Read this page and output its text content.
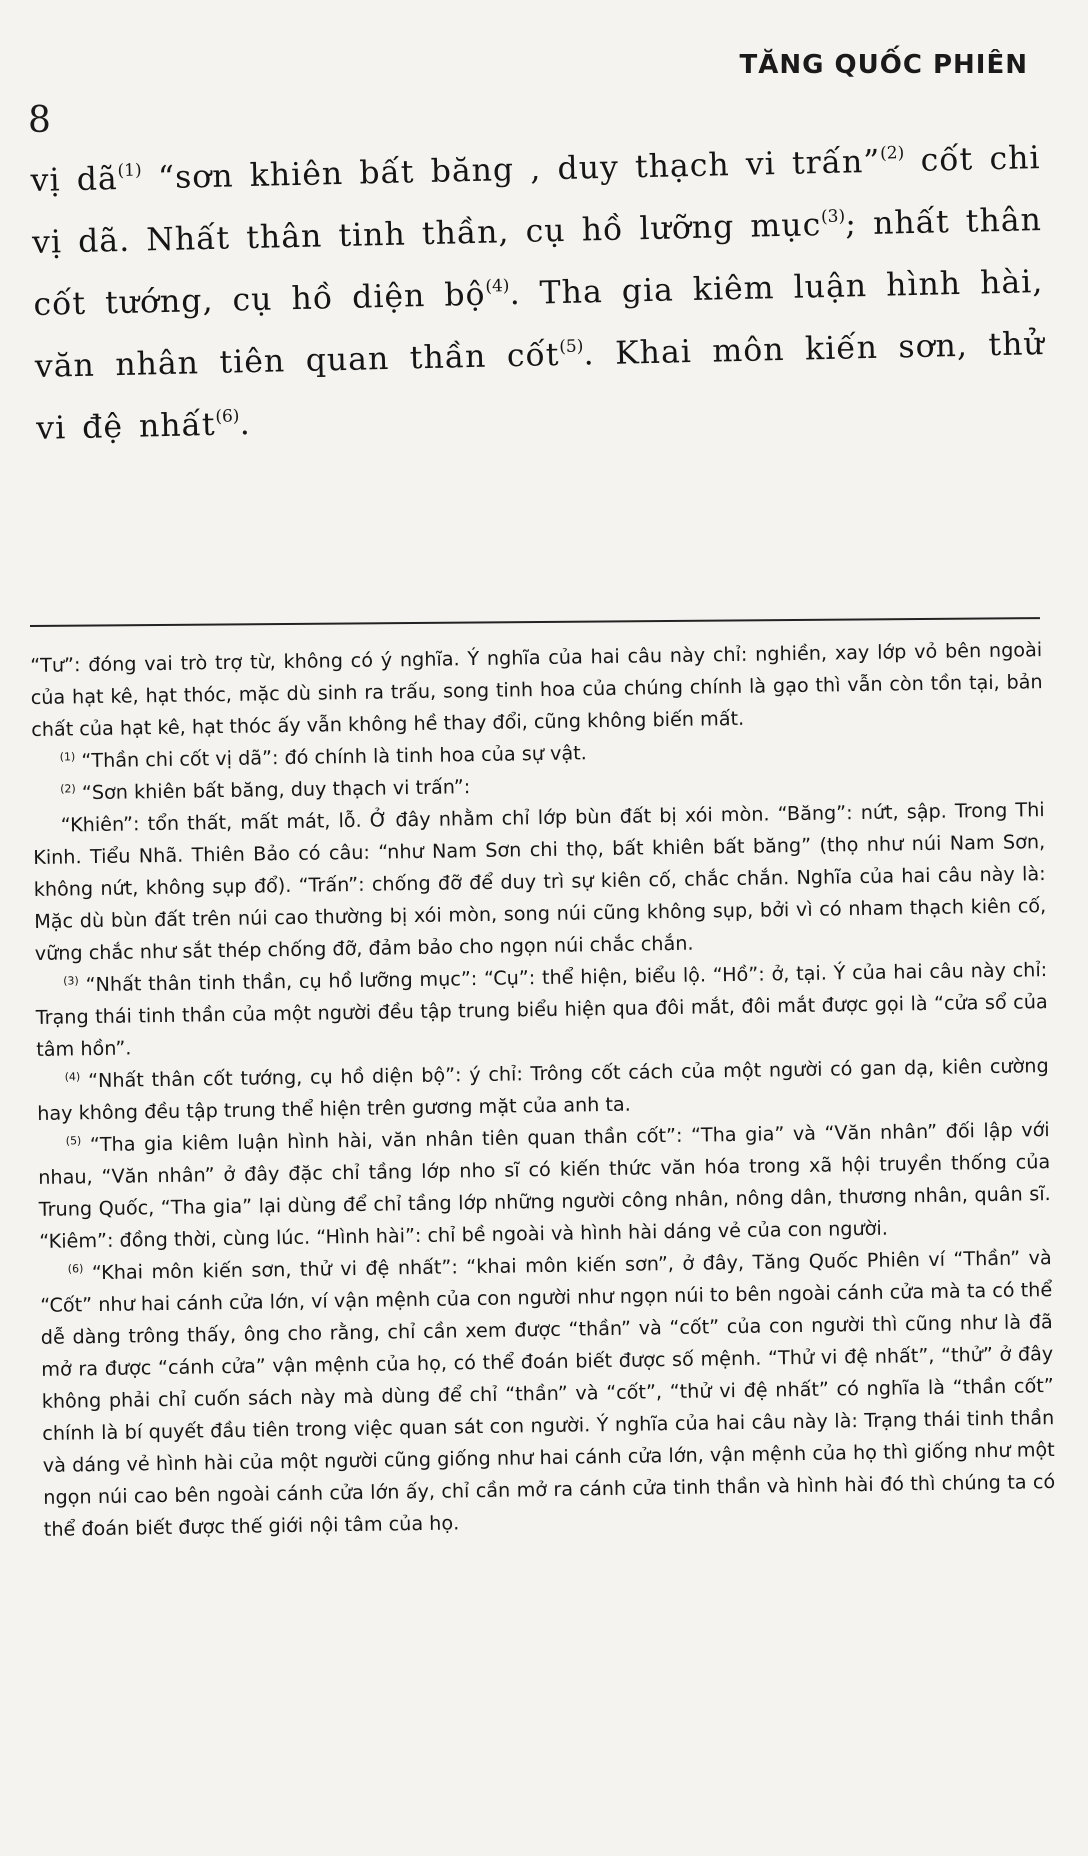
TĂNG QUỐC PHIÊN
8
vị $dã^{(1)}$ “sơn khiên bất băng , duy thạch vi trấn”$^{(2)}$ cốt chi vị dã. Nhất thân tinh thần, cụ hồ lưỡng mục$^{(3)}$; nhất thân cốt tướng, cụ hồ diện bộ$^{(4)}$. Tha gia kiêm luận hình hài, văn nhân tiên quan thần cốt$^{(5)}$. Khai môn kiến sơn, thử vi đệ nhất$^{(6)}$.

“Tư”: đóng vai trò trợ từ, không có ý nghĩa. Ý nghĩa của hai câu này chỉ: nghiền, xay lớp vỏ bên ngoài của hạt kê, hạt thóc, mặc dù sinh ra trấu, song tinh hoa của chúng chính là gạo thì vẫn còn tồn tại, bản chất của hạt kê, hạt thóc ấy vẫn không hề thay đổi, cũng không biến mất.

$^{(1)}$ “Thần chi cốt vị dã”: đó chính là tinh hoa của sự vật.

$^{(2)}$ “Sơn khiên bất băng, duy thạch vi trấn”:

“Khiên”: tổn thất, mất mát, lỗ. Ở đây nhằm chỉ lớp bùn đất bị xói mòn. “Băng”: nứt, sập. Trong Thi Kinh. Tiểu Nhã. Thiên Bảo có câu: “như Nam Sơn chi thọ, bất khiên bất băng” (thọ như núi Nam Sơn, không nứt, không sụp đổ). “Trấn”: chống đỡ để duy trì sự kiên cố, chắc chắn. Nghĩa của hai câu này là: Mặc dù bùn đất trên núi cao thường bị xói mòn, song núi cũng không sụp, bởi vì có nham thạch kiên cố, vững chắc như sắt thép chống đỡ, đảm bảo cho ngọn núi chắc chắn.

$^{(3)}$ “Nhất thân tinh thần, cụ hồ lưỡng mục”: “Cụ”: thể hiện, biểu lộ. “Hồ”: ở, tại. Ý của hai câu này chỉ: Trạng thái tinh thần của một người đều tập trung biểu hiện qua đôi mắt, đôi mắt được gọi là “cửa sổ của tâm hồn”.

$^{(4)}$ “Nhất thân cốt tướng, cụ hồ diện bộ”: ý chỉ: Trông cốt cách của một người có gan dạ, kiên cường hay không đều tập trung thể hiện trên gương mặt của anh ta.

$^{(5)}$ “Tha gia kiêm luận hình hài, văn nhân tiên quan thần cốt”: “Tha gia” và “Văn nhân” đối lập với nhau, “Văn nhân” ở đây đặc chỉ tầng lớp nho sĩ có kiến thức văn hóa trong xã hội truyền thống của Trung Quốc, “Tha gia” lại dùng để chỉ tầng lớp những người công nhân, nông dân, thương nhân, quân sĩ. “Kiêm”: đồng thời, cùng lúc. “Hình hài”: chỉ bề ngoài và hình hài dáng vẻ của con người.

$^{(6)}$ “Khai môn kiến sơn, thử vi đệ nhất”: “khai môn kiến sơn”, ở đây, Tăng Quốc Phiên ví “Thần” và “Cốt” như hai cánh cửa lớn, ví vận mệnh của con người như ngọn núi to bên ngoài cánh cửa mà ta có thể dễ dàng trông thấy, ông cho rằng, chỉ cần xem được “thần” và “cốt” của con người thì cũng như là đã mở ra được “cánh cửa” vận mệnh của họ, có thể đoán biết được số mệnh. “Thử vi đệ nhất”, “thử” ở đây không phải chỉ cuốn sách này mà dùng để chỉ “thần” và “cốt”, “thử vi đệ nhất” có nghĩa là “thần cốt” chính là bí quyết đầu tiên trong việc quan sát con người. Ý nghĩa của hai câu này là: Trạng thái tinh thần và dáng vẻ hình hài của một người cũng giống như hai cánh cửa lớn, vận mệnh của họ thì giống như một ngọn núi cao bên ngoài cánh cửa lớn ấy, chỉ cần mở ra cánh cửa tinh thần và hình hài đó thì chúng ta có thể đoán biết được thế giới nội tâm của họ.
